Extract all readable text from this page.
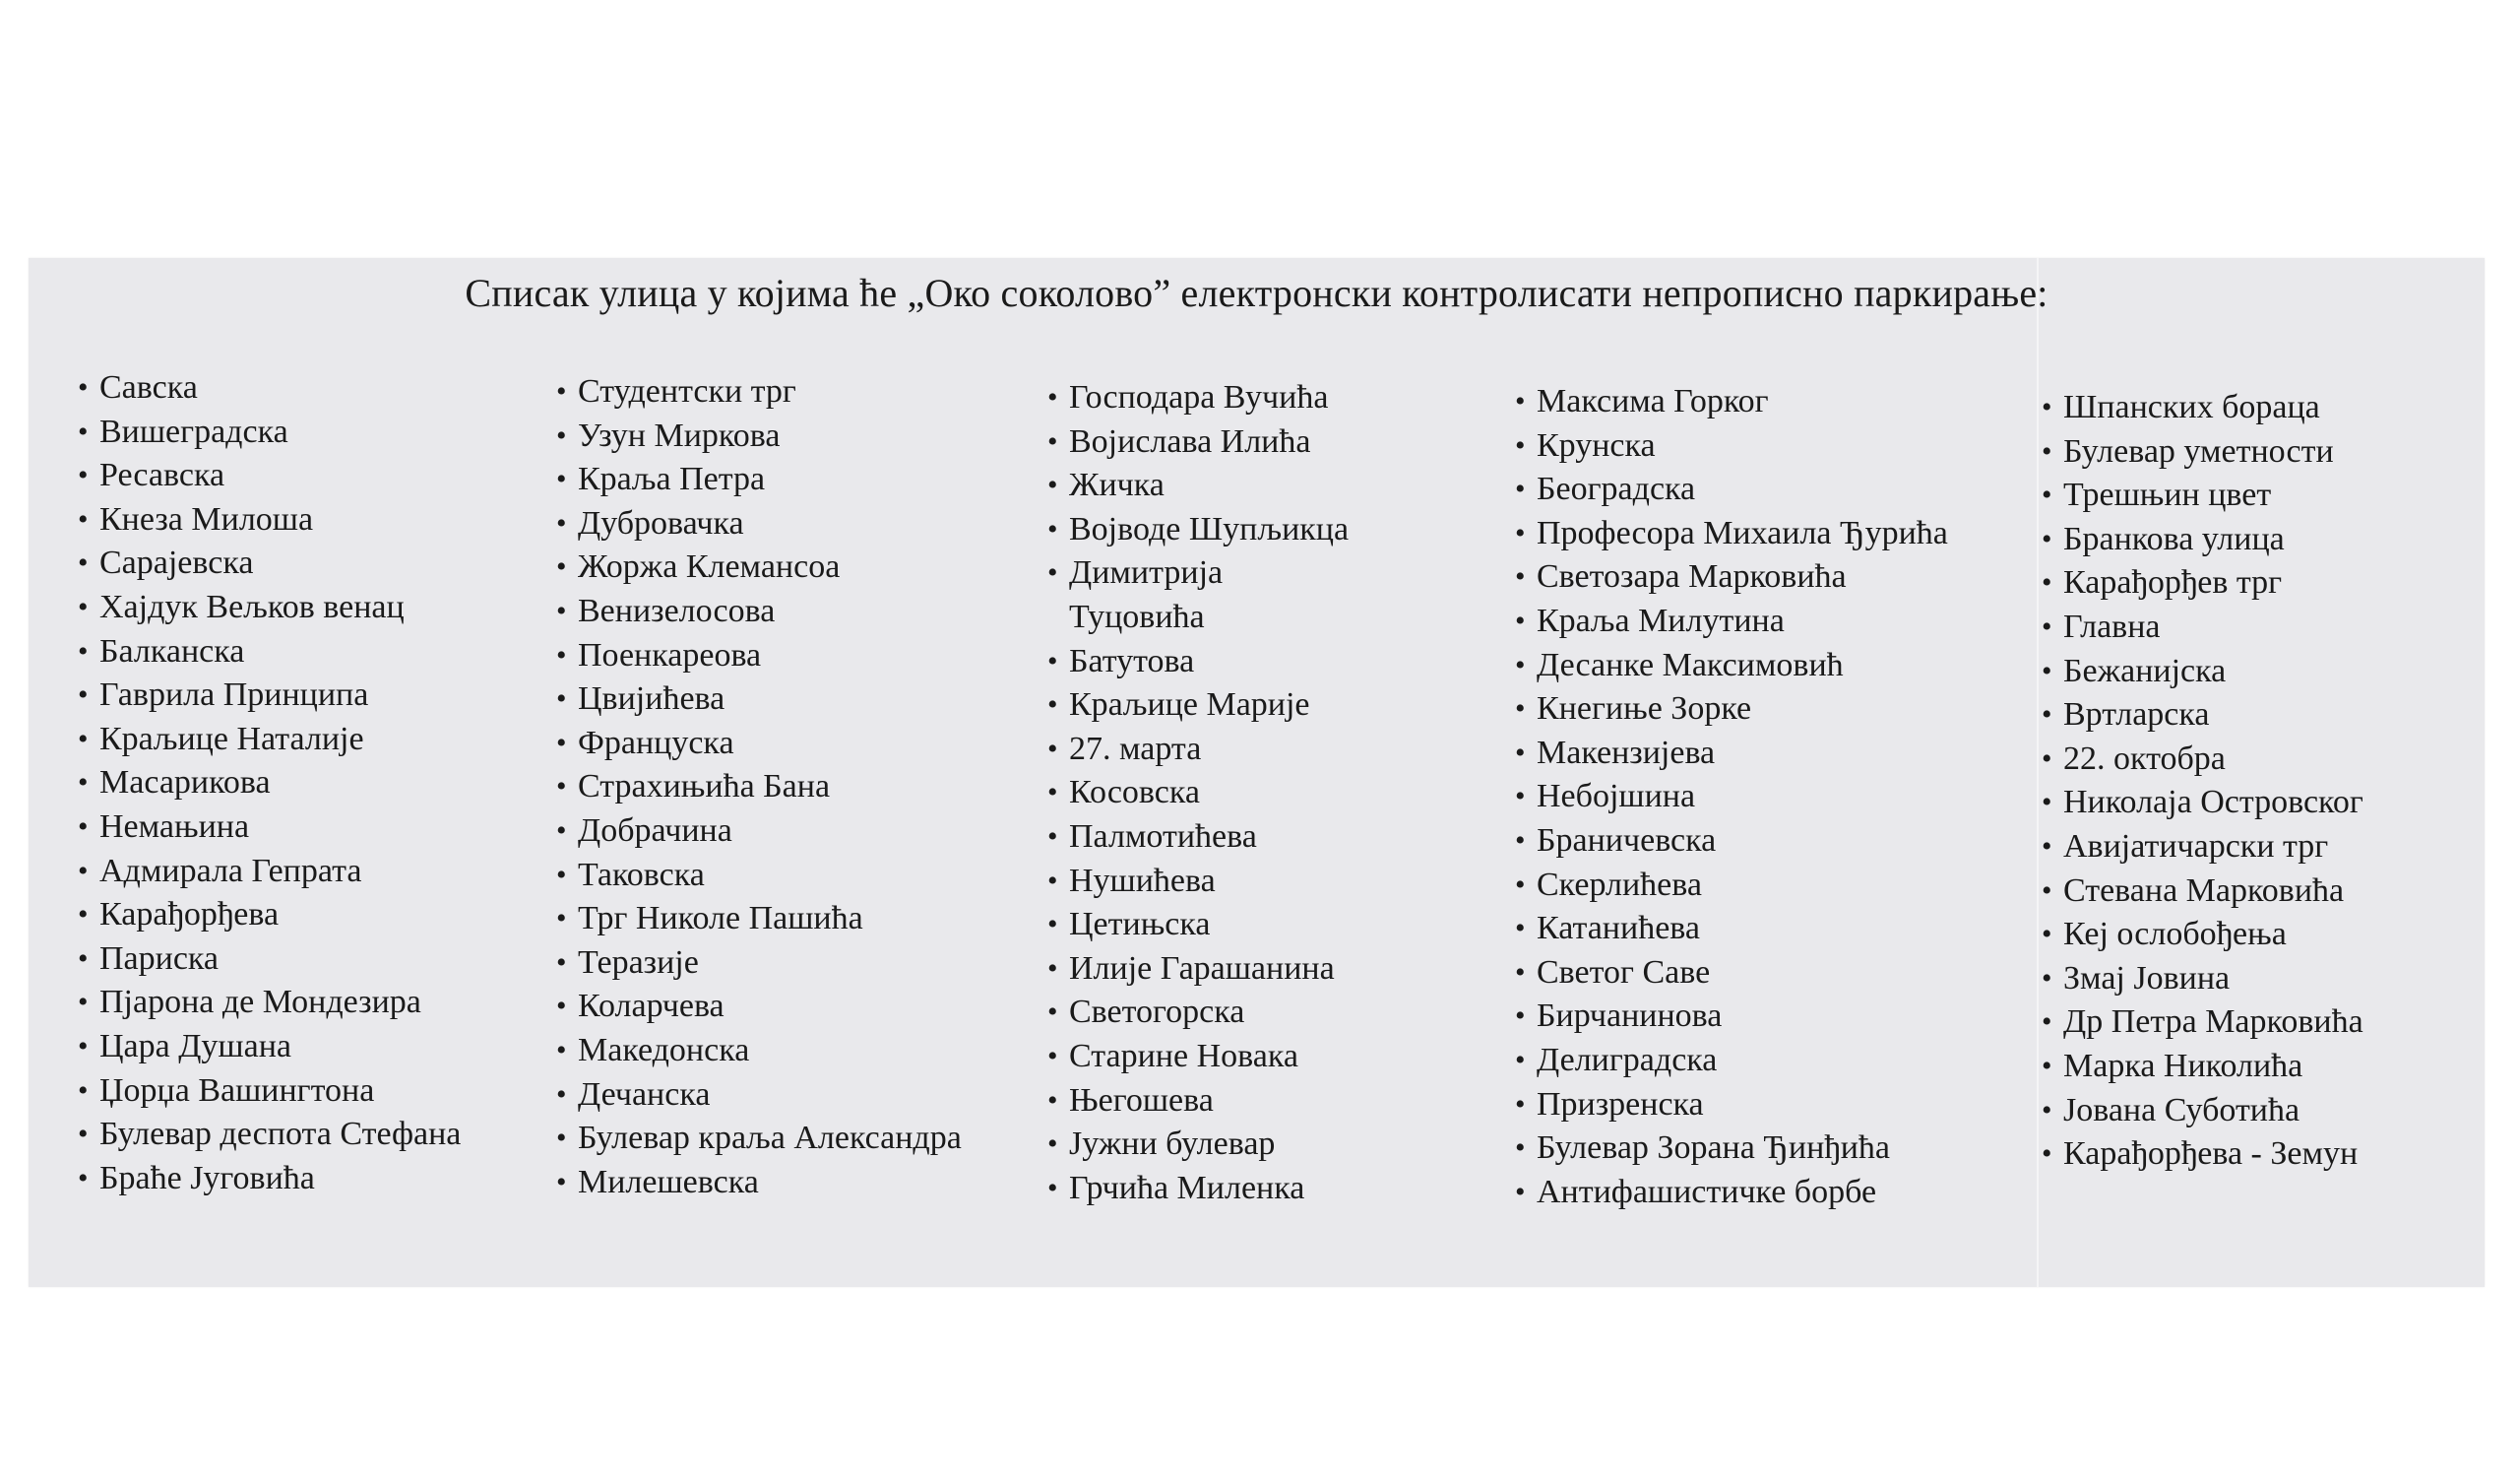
Списак улица у којима ће „Око соколово” електронски контролисати непрописно паркирање:
• Савска
• Вишеградска
• Ресавска
• Кнеза Милоша
• Сарајевска
• Хајдук Вељков венац
• Балканска
• Гаврила Принципа
• Краљице Наталије
• Масарикова
• Немањина
• Адмирала Гепрата
• Карађорђева
• Париска
• Пјарона де Мондезира
• Цара Душана
• Џорџа Вашингтона
• Булевар деспота Стефана
• Браће Југовића
• Студентски трг
• Узун Миркова
• Краља Петра
• Дубровачка
• Жоржа Клемансоа
• Венизелосова
• Поенкареова
• Цвијићева
• Француска
• Страхињића Бана
• Добрачина
• Таковска
• Трг Николе Пашића
• Теразије
• Коларчева
• Македонска
• Дечанска
• Булевар краља Александра
• Милешевска
• Господара Вучића
• Војислава Илића
• Жичка
• Војводе Шупљикца
• Димитрија Туцовића
• Батутова
• Краљице Марије
• 27. марта
• Косовска
• Палмотићева
• Нушићева
• Цетињска
• Илије Гарашанина
• Светогорска
• Старине Новака
• Његошева
• Јужни булевар
• Грчића Миленка
• Максима Горког
• Крунска
• Београдска
• Професора Михаила Ђурића
• Светозара Марковића
• Краља Милутина
• Десанке Максимовић
• Кнегиње Зорке
• Макензијева
• Небојшина
• Браничевска
• Скерлићева
• Катанићева
• Светог Саве
• Бирчанинова
• Делиградска
• Призренска
• Булевар Зорана Ђинђића
• Антифашистичке борбе
• Шпанских бораца
• Булевар уметности
• Трешњин цвет
• Бранкова улица
• Карађорђев трг
• Главна
• Бежанијска
• Вртларска
• 22. октобра
• Николаја Островског
• Авијатичарски трг
• Стевана Марковића
• Кеј ослобођења
• Змај Јовина
• Др Петра Марковића
• Марка Николића
• Јована Суботића
• Карађорђева - Земун
